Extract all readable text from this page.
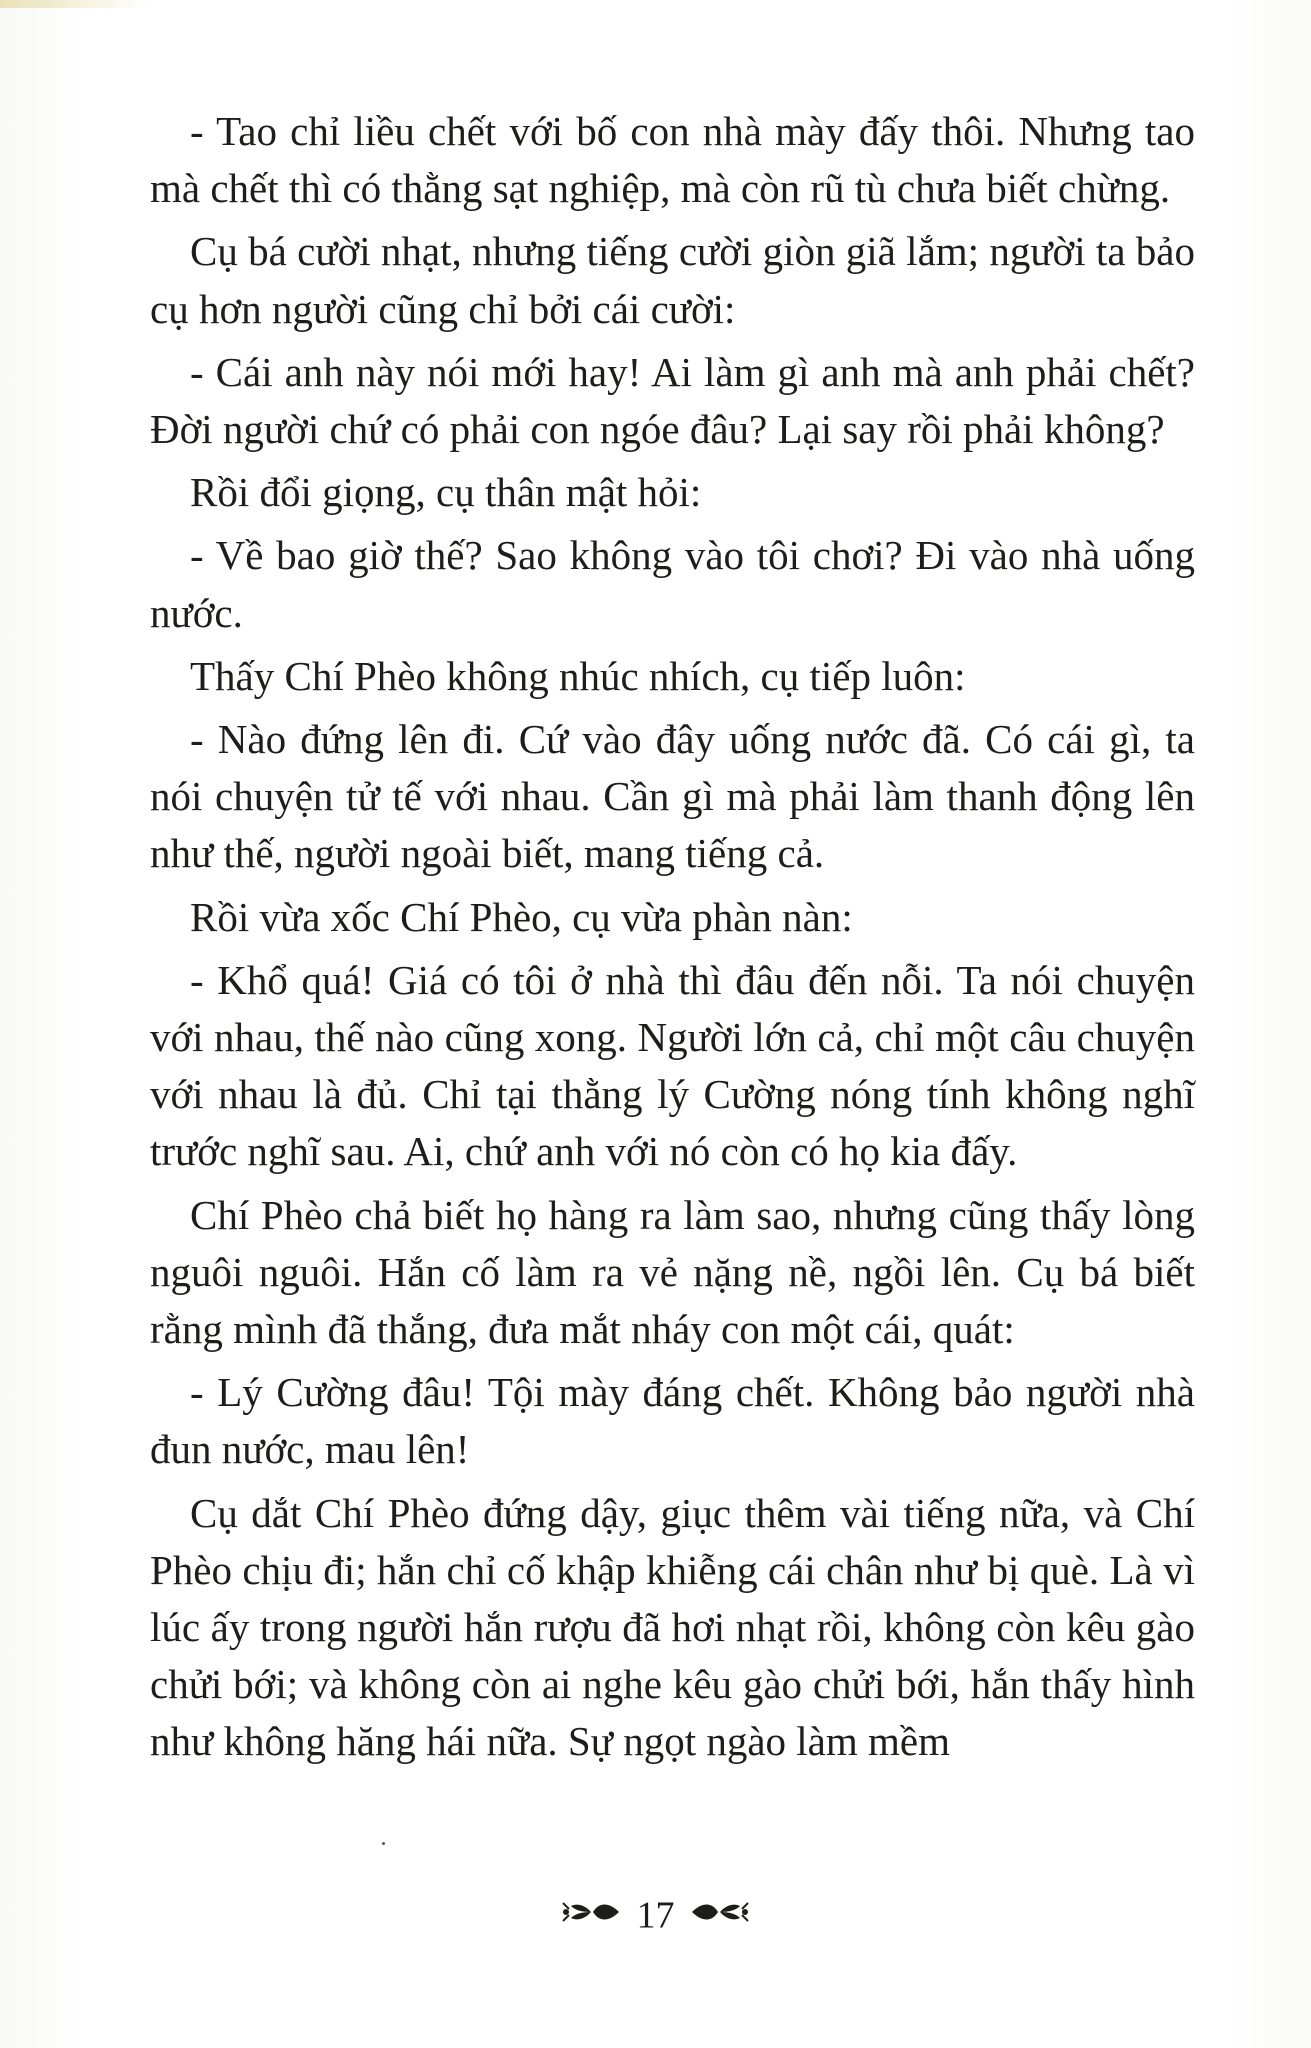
- Tao chỉ liều chết với bố con nhà mày đấy thôi. Nhưng tao mà chết thì có thằng sạt nghiệp, mà còn rũ tù chưa biết chừng.

Cụ bá cười nhạt, nhưng tiếng cười giòn giã lắm; người ta bảo cụ hơn người cũng chỉ bởi cái cười:

- Cái anh này nói mới hay! Ai làm gì anh mà anh phải chết? Đời người chứ có phải con ngóe đâu? Lại say rồi phải không?

Rồi đổi giọng, cụ thân mật hỏi:

- Về bao giờ thế? Sao không vào tôi chơi? Đi vào nhà uống nước.

Thấy Chí Phèo không nhúc nhích, cụ tiếp luôn:

- Nào đứng lên đi. Cứ vào đây uống nước đã. Có cái gì, ta nói chuyện tử tế với nhau. Cần gì mà phải làm thanh động lên như thế, người ngoài biết, mang tiếng cả.

Rồi vừa xốc Chí Phèo, cụ vừa phàn nàn:

- Khổ quá! Giá có tôi ở nhà thì đâu đến nỗi. Ta nói chuyện với nhau, thế nào cũng xong. Người lớn cả, chỉ một câu chuyện với nhau là đủ. Chỉ tại thằng lý Cường nóng tính không nghĩ trước nghĩ sau. Ai, chứ anh với nó còn có họ kia đấy.

Chí Phèo chả biết họ hàng ra làm sao, nhưng cũng thấy lòng nguôi nguôi. Hắn cố làm ra vẻ nặng nề, ngồi lên. Cụ bá biết rằng mình đã thắng, đưa mắt nháy con một cái, quát:

- Lý Cường đâu! Tội mày đáng chết. Không bảo người nhà đun nước, mau lên!

Cụ dắt Chí Phèo đứng dậy, giục thêm vài tiếng nữa, và Chí Phèo chịu đi; hắn chỉ cố khập khiễng cái chân như bị què. Là vì lúc ấy trong người hắn rượu đã hơi nhạt rồi, không còn kêu gào chửi bới; và không còn ai nghe kêu gào chửi bới, hắn thấy hình như không hăng hái nữa. Sự ngọt ngào làm mềm

17
